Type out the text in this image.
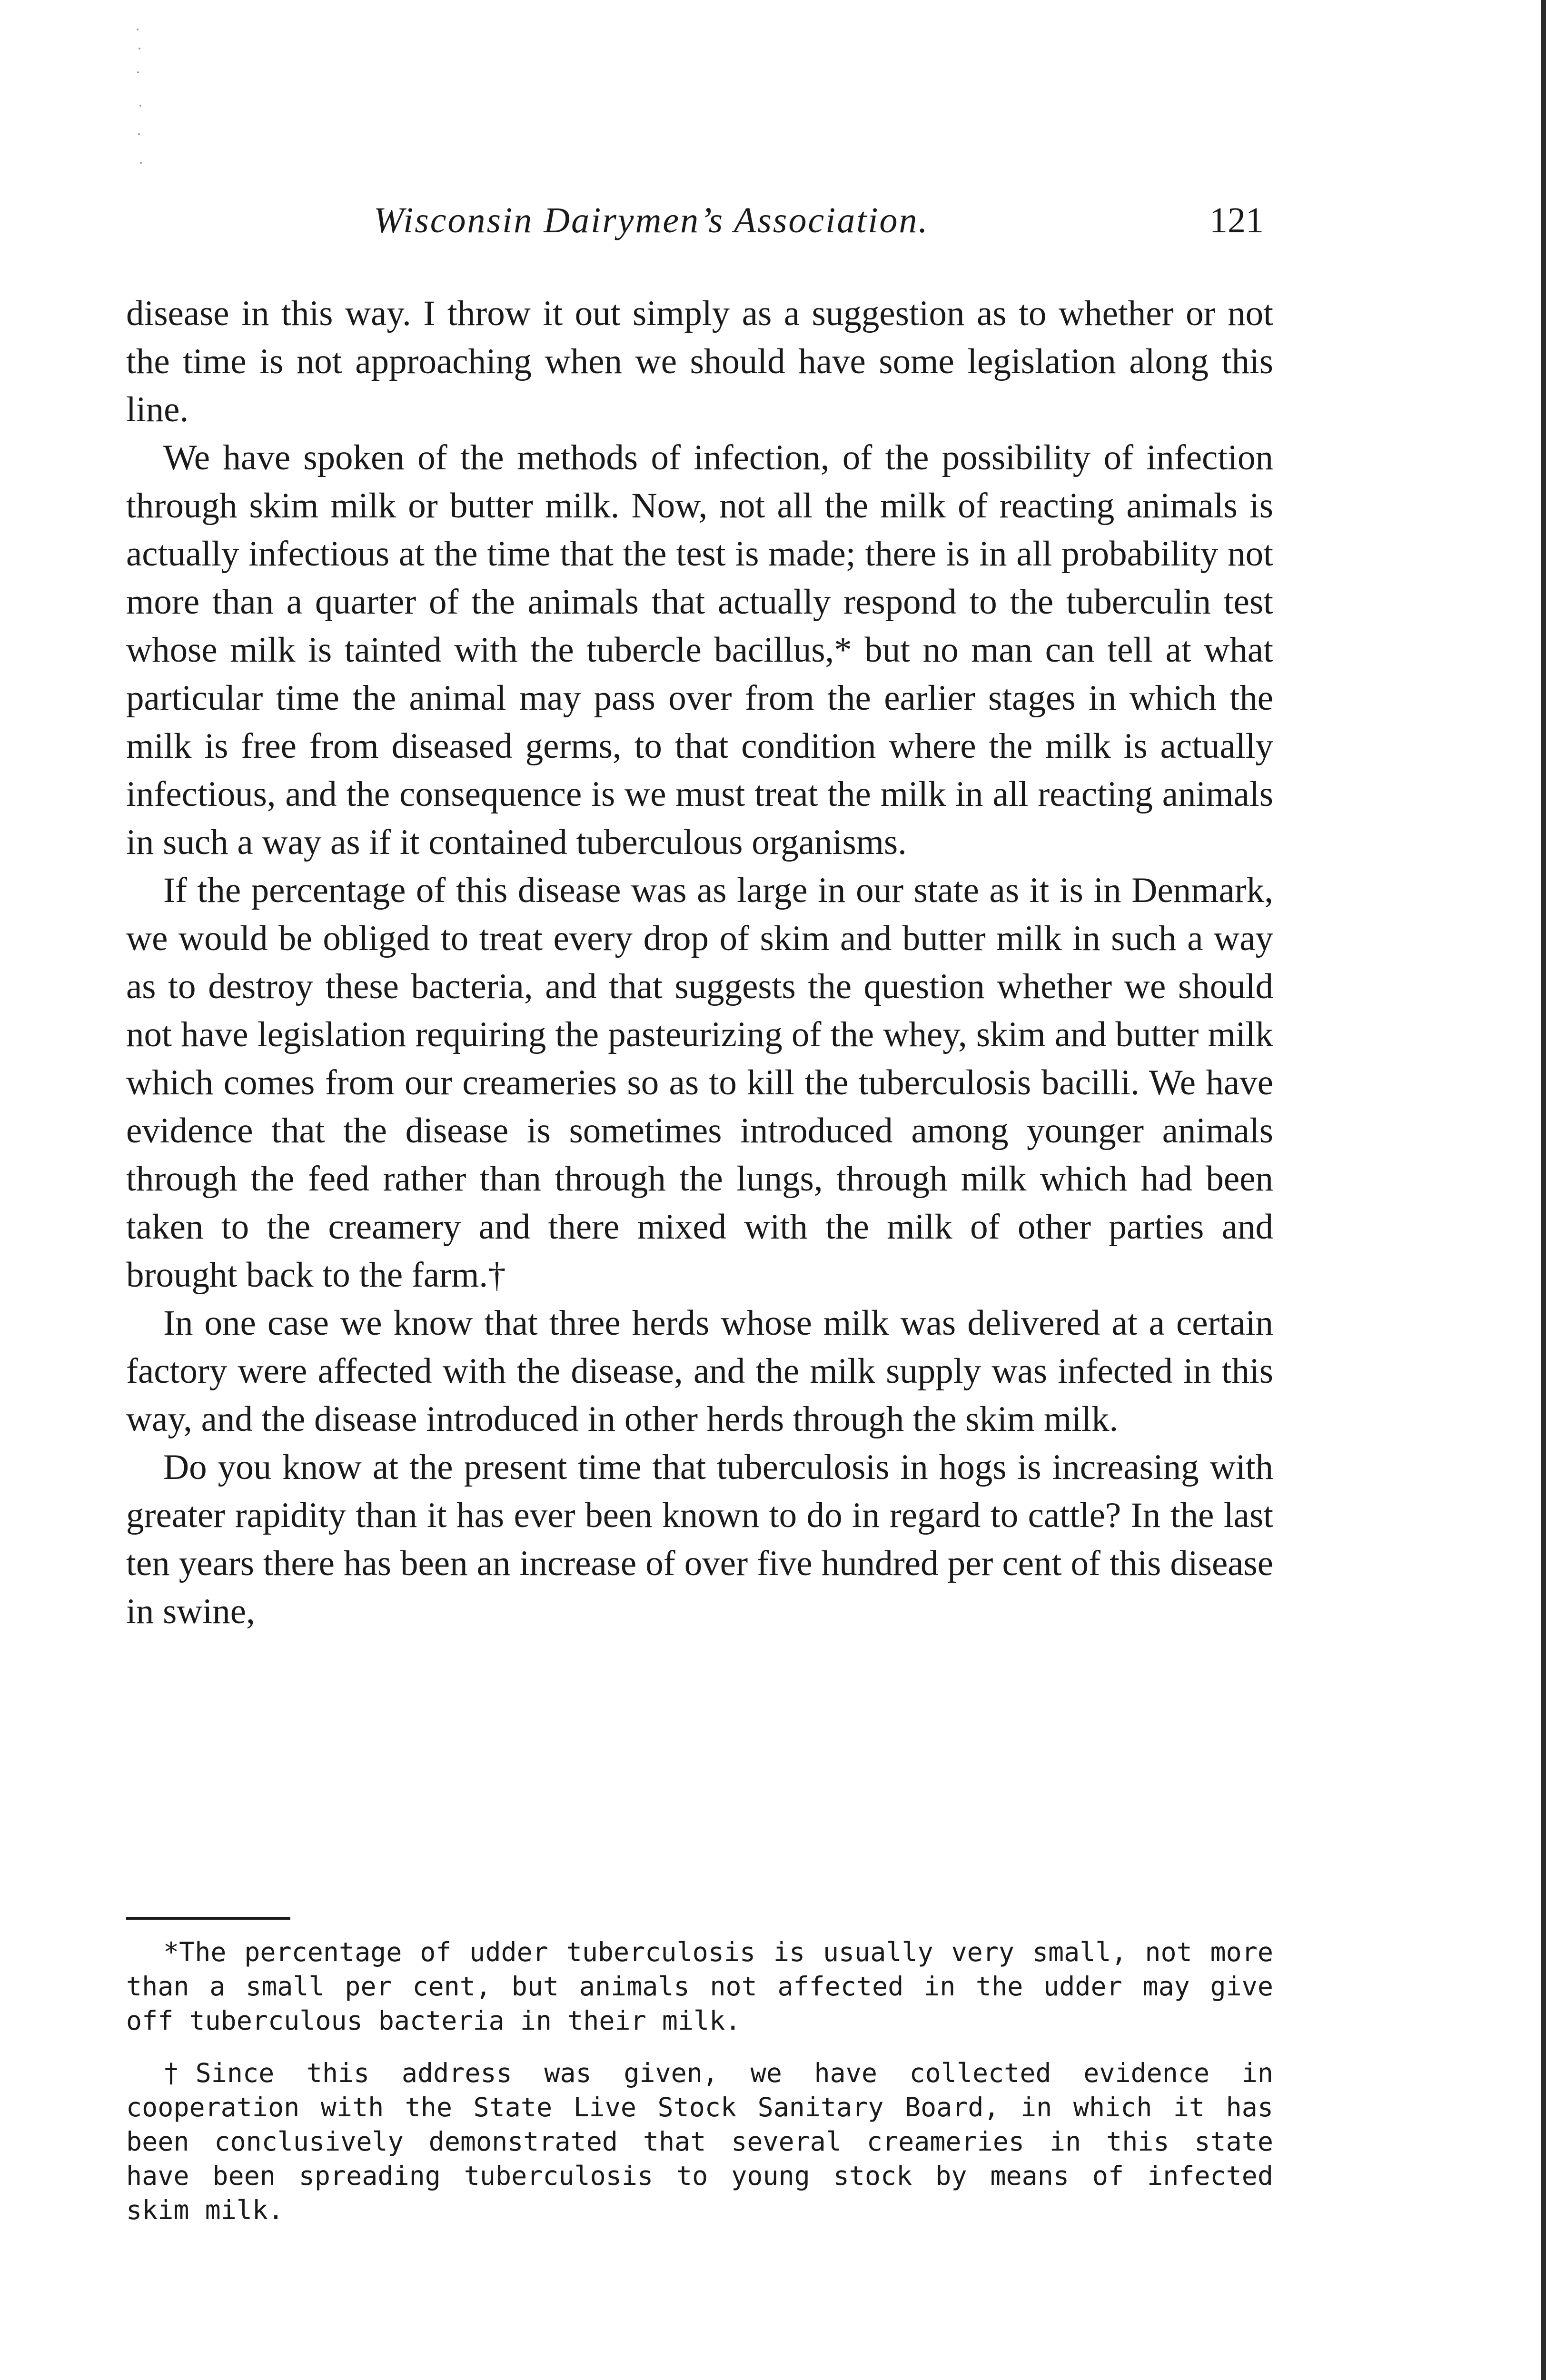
Wisconsin Dairymen’s Association.	121

disease in this way. I throw it out simply as a suggestion as to whether or not the time is not approaching when we should have some legislation along this line.

We have spoken of the methods of infection, of the possibility of infection through skim milk or butter milk. Now, not all the milk of reacting animals is actually infectious at the time that the test is made; there is in all probability not more than a quarter of the animals that actually respond to the tuberculin test whose milk is tainted with the tubercle bacillus,* but no man can tell at what particular time the animal may pass over from the earlier stages in which the milk is free from diseased germs, to that condition where the milk is actually infectious, and the consequence is we must treat the milk in all reacting animals in such a way as if it contained tuberculous organisms.

If the percentage of this disease was as large in our state as it is in Denmark, we would be obliged to treat every drop of skim and butter milk in such a way as to destroy these bacteria, and that suggests the question whether we should not have legislation requiring the pasteurizing of the whey, skim and butter milk which comes from our creameries so as to kill the tuberculosis bacilli. We have evidence that the disease is sometimes introduced among younger animals through the feed rather than through the lungs, through milk which had been taken to the creamery and there mixed with the milk of other parties and brought back to the farm.†

In one case we know that three herds whose milk was delivered at a certain factory were affected with the disease, and the milk supply was infected in this way, and the disease introduced in other herds through the skim milk.

Do you know at the present time that tuberculosis in hogs is increasing with greater rapidity than it has ever been known to do in regard to cattle? In the last ten years there has been an increase of over five hundred per cent of this disease in swine,

*The percentage of udder tuberculosis is usually very small, not more than a small per cent, but animals not affected in the udder may give off tuberculous bacteria in their milk.

†Since this address was given, we have collected evidence in cooperation with the State Live Stock Sanitary Board, in which it has been conclusively demonstrated that several creameries in this state have been spreading tuberculosis to young stock by means of infected skim milk.
